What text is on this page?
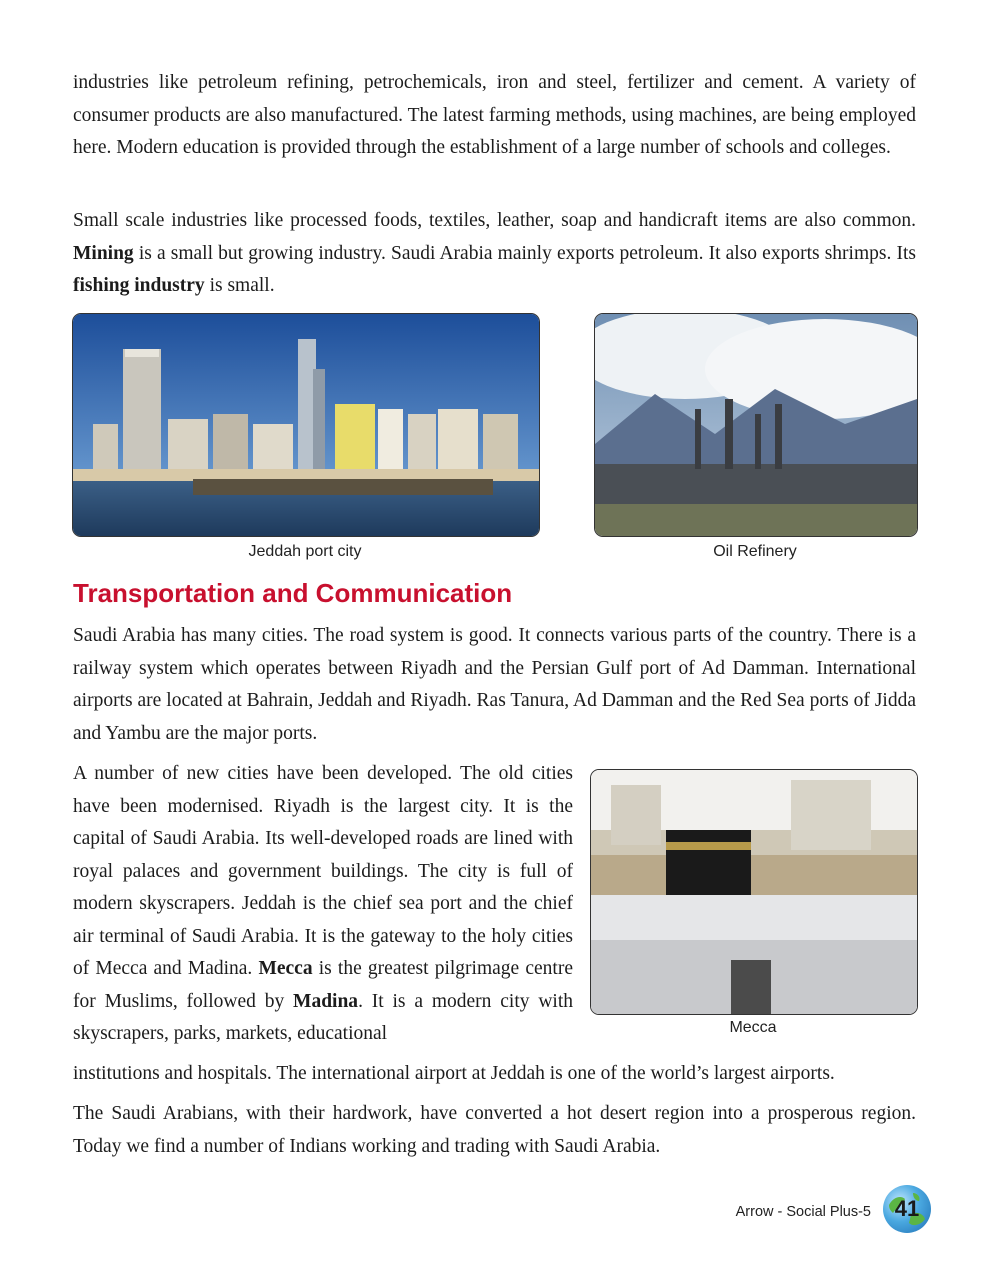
industries like petroleum refining, petrochemicals, iron and steel, fertilizer and cement. A variety of consumer products are also manufactured. The latest farming methods, using machines, are being employed here. Modern education is provided through the establishment of a large number of schools and colleges.

Small scale industries like processed foods, textiles, leather, soap and handicraft items are also common. Mining is a small but growing industry. Saudi Arabia mainly exports petroleum. It also exports shrimps. Its fishing industry is small.

Jeddah port city	Oil Refinery
Transportation and Communication

Saudi Arabia has many cities. The road system is good. It connects various parts of the country. There is a railway system which operates between Riyadh and the Persian Gulf port of Ad Damman. International airports are located at Bahrain, Jeddah and Riyadh. Ras Tanura, Ad Damman and the Red Sea ports of Jidda and Yambu are the major ports.

A number of new cities have been developed. The old cities have been modernised. Riyadh is the largest city. It is the capital of Saudi Arabia. Its well-developed roads are lined with royal palaces and government buildings. The city is full of modern skyscrapers. Jeddah is the chief sea port and the chief air terminal of Saudi Arabia. It is the gateway to the holy cities of Mecca and Madina. Mecca is the greatest pilgrimage centre for Muslims, followed by Madina. It is a modern city with skyscrapers, parks, markets, educational	Mecca

institutions and hospitals. The international airport at Jeddah is one of the world’s largest airports.

The Saudi Arabians, with their hardwork, have converted a hot desert region into a prosperous region. Today we find a number of Indians working and trading with Saudi Arabia.

Arrow - Social Plus-5	41
